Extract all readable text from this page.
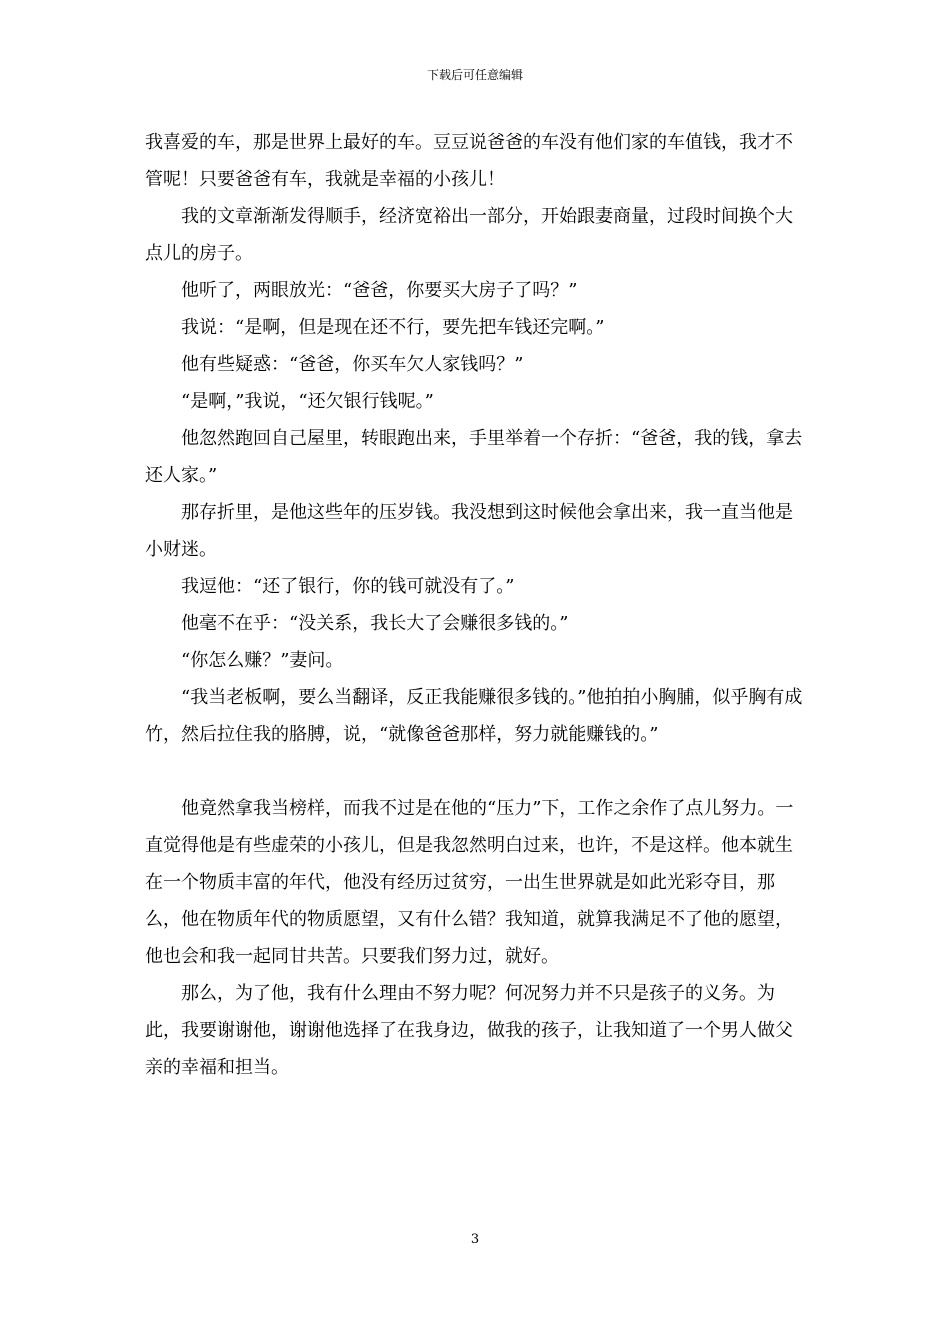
下载后可任意编辑

我喜爱的车，那是世界上最好的车。豆豆说爸爸的车没有他们家的车值钱，我才不管呢！只要爸爸有车，我就是幸福的小孩儿！

我的文章渐渐发得顺手，经济宽裕出一部分，开始跟妻商量，过段时间换个大点儿的房子。

他听了，两眼放光：“爸爸，你要买大房子了吗？”

我说：“是啊，但是现在还不行，要先把车钱还完啊。”

他有些疑惑：“爸爸，你买车欠人家钱吗？”

“是啊，”我说，“还欠银行钱呢。”

他忽然跑回自己屋里，转眼跑出来，手里举着一个存折：“爸爸，我的钱，拿去还人家。”

那存折里，是他这些年的压岁钱。我没想到这时候他会拿出来，我一直当他是小财迷。

我逗他：“还了银行，你的钱可就没有了。”

他毫不在乎：“没关系，我长大了会赚很多钱的。”

“你怎么赚？”妻问。

“我当老板啊，要么当翻译，反正我能赚很多钱的。”他拍拍小胸脯，似乎胸有成竹，然后拉住我的胳膊，说，“就像爸爸那样，努力就能赚钱的。”

他竟然拿我当榜样，而我不过是在他的“压力”下，工作之余作了点儿努力。一直觉得他是有些虚荣的小孩儿，但是我忽然明白过来，也许，不是这样。他本就生在一个物质丰富的年代，他没有经历过贫穷，一出生世界就是如此光彩夺目，那么，他在物质年代的物质愿望，又有什么错？我知道，就算我满足不了他的愿望，他也会和我一起同甘共苦。只要我们努力过，就好。

那么，为了他，我有什么理由不努力呢？何况努力并不只是孩子的义务。为此，我要谢谢他，谢谢他选择了在我身边，做我的孩子，让我知道了一个男人做父亲的幸福和担当。

3
